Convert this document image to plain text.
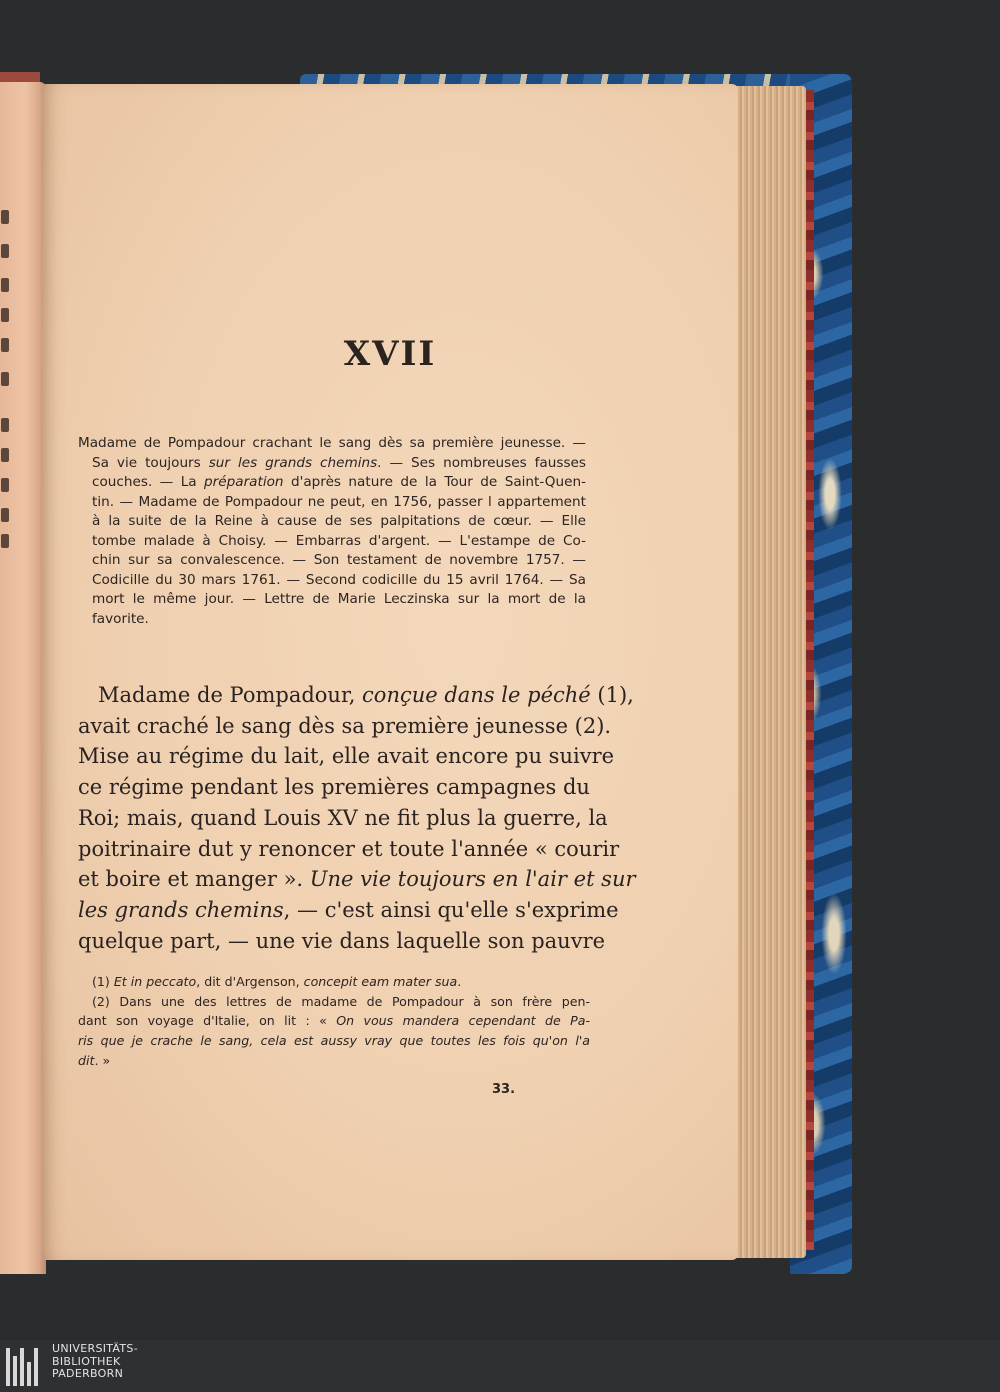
XVII
Madame de Pompadour crachant le sang dès sa première jeunesse. —
Sa vie toujours sur les grands chemins. — Ses nombreuses fausses
couches. — La préparation d'après nature de la Tour de Saint-Quen-
tin. — Madame de Pompadour ne peut, en 1756, passer l appartement
à la suite de la Reine à cause de ses palpitations de cœur. — Elle
tombe malade à Choisy. — Embarras d'argent. — L'estampe de Co-
chin sur sa convalescence. — Son testament de novembre 1757. —
Codicille du 30 mars 1761. — Second codicille du 15 avril 1764. — Sa
mort le même jour. — Lettre de Marie Leczinska sur la mort de la
favorite.
Madame de Pompadour, conçue dans le péché (1),
avait craché le sang dès sa première jeunesse (2).
Mise au régime du lait, elle avait encore pu suivre
ce régime pendant les premières campagnes du
Roi; mais, quand Louis XV ne fit plus la guerre, la
poitrinaire dut y renoncer et toute l'année « courir
et boire et manger ». Une vie toujours en l'air et sur
les grands chemins, — c'est ainsi qu'elle s'exprime
quelque part, — une vie dans laquelle son pauvre
(1) Et in peccato, dit d'Argenson, concepit eam mater sua.
(2) Dans une des lettres de madame de Pompadour à son frère pen-
dant son voyage d'Italie, on lit : « On vous mandera cependant de Pa-
ris que je crache le sang, cela est aussy vray que toutes les fois qu'on l'a
dit. »
33.
UNIVERSITÄTS-
BIBLIOTHEK
PADERBORN
